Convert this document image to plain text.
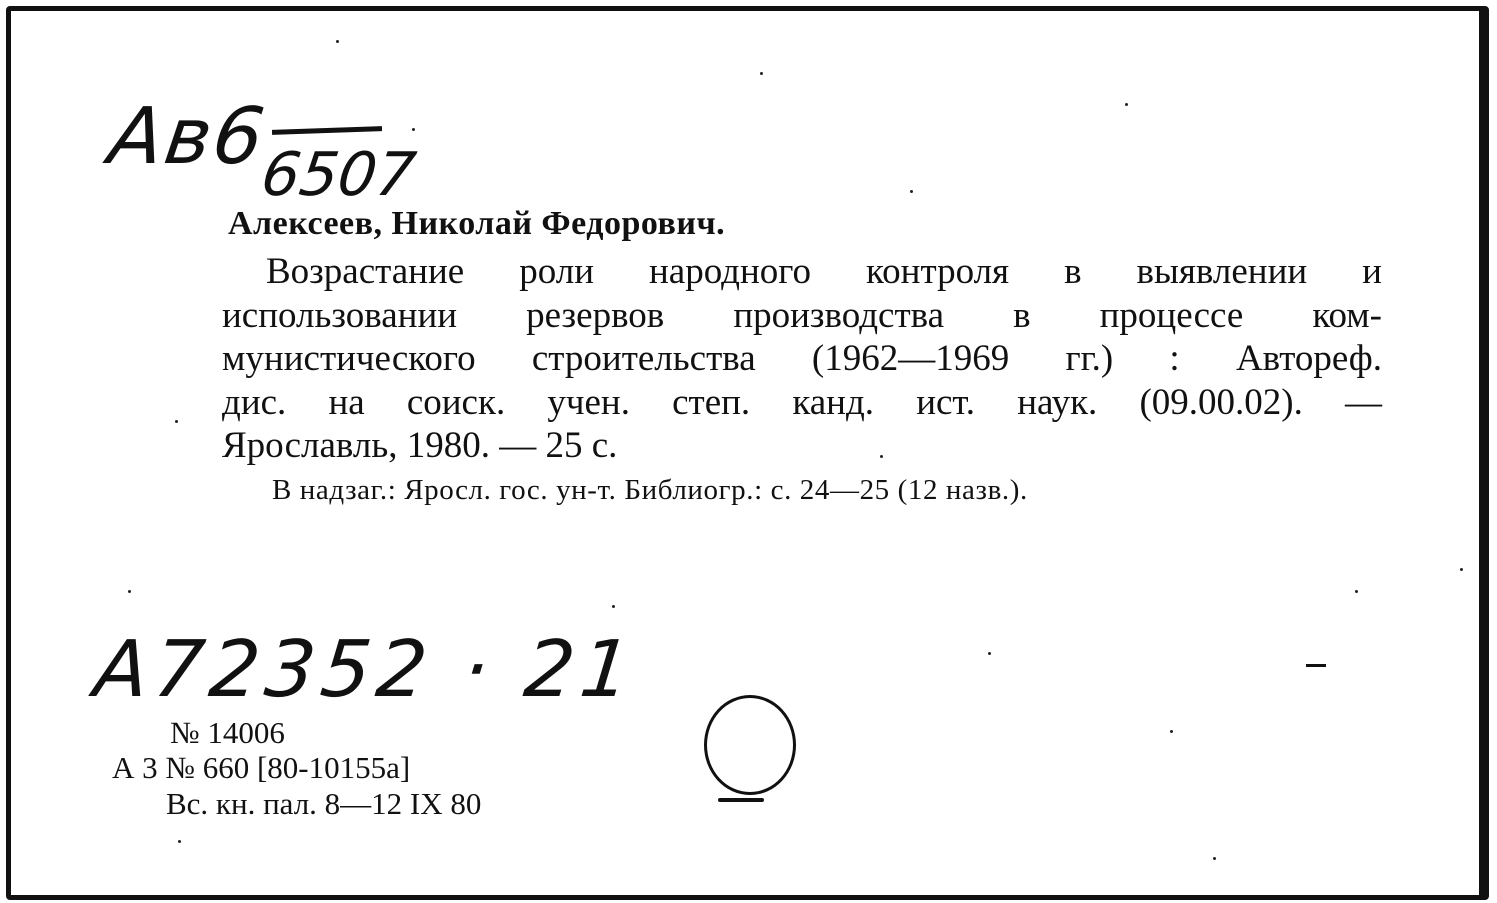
Ав6
6507
Алексеев, Николай Федорович.
Возрастание роли народного контроля в выявлении и
использовании резервов производства в процессе ком-
мунистического строительства (1962—1969 гг.) : Автореф.
дис. на соиск. учен. степ. канд. ист. наук. (09.00.02). —
Ярославль, 1980. — 25 с.
В надзаг.: Яросл. гос. ун-т. Библиогр.: с. 24—25 (12 назв.).
А72352 · 21
№ 14006
А 3 № 660 [80-10155а]
Вс. кн. пал. 8—12 IX 80
